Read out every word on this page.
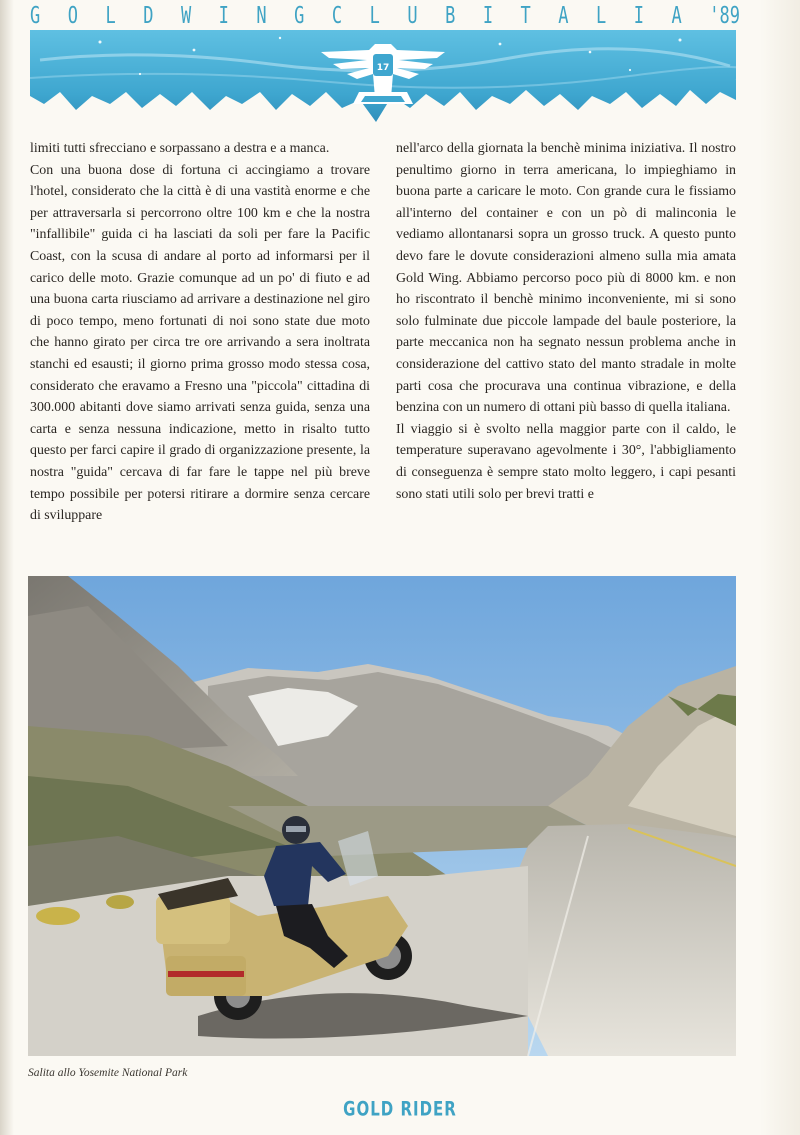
G O L D W I N G C L U B I T A L I A '89
17

limiti tutti sfrecciano e sorpassano a destra e a manca.

Con una buona dose di fortuna ci accingiamo a trovare l'hotel, considerato che la città è di una vastità enorme e che per attraversarla si percorrono oltre 100 km e che la nostra "infallibile" guida ci ha lasciati da soli per fare la Pacific Coast, con la scusa di andare al porto ad informarsi per il carico delle moto. Grazie comunque ad un po' di fiuto e ad una buona carta riusciamo ad arrivare a destinazione nel giro di poco tempo, meno fortunati di noi sono state due moto che hanno girato per circa tre ore arrivando a sera inoltrata stanchi ed esausti; il giorno prima grosso modo stessa cosa, considerato che eravamo a Fresno una "piccola" cittadina di 300.000 abitanti dove siamo arrivati senza guida, senza una carta e senza nessuna indicazione, metto in risalto tutto questo per farci capire il grado di organizzazione presente, la nostra "guida" cercava di far fare le tappe nel più breve tempo possibile per potersi ritirare a dormire senza cercare di sviluppare

nell'arco della giornata la benchè minima iniziativa. Il nostro penultimo giorno in terra americana, lo impieghiamo in buona parte a caricare le moto. Con grande cura le fissiamo all'interno del container e con un pò di malinconia le vediamo allontanarsi sopra un grosso truck. A questo punto devo fare le dovute considerazioni almeno sulla mia amata Gold Wing. Abbiamo percorso poco più di 8000 km. e non ho riscontrato il benchè minimo inconveniente, mi si sono solo fulminate due piccole lampade del baule posteriore, la parte meccanica non ha segnato nessun problema anche in considerazione del cattivo stato del manto stradale in molte parti cosa che procurava una continua vibrazione, e della benzina con un numero di ottani più basso di quella italiana.

Il viaggio si è svolto nella maggior parte con il caldo, le temperature superavano agevolmente i 30°, l'abbigliamento di conseguenza è sempre stato molto leggero, i capi pesanti sono stati utili solo per brevi tratti e

Salita allo Yosemite National Park
GOLD RIDER
